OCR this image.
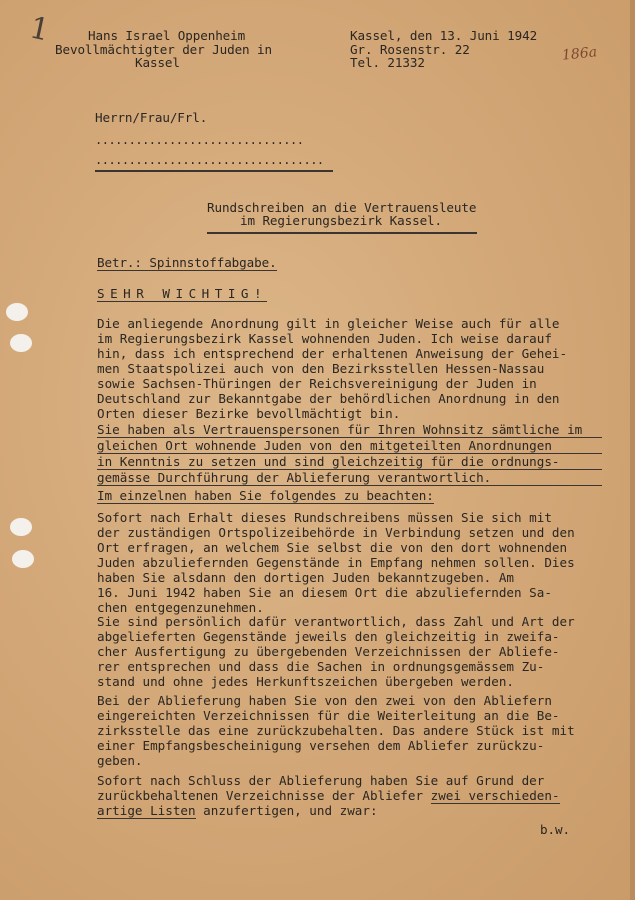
1
186a
Hans Israel Oppenheim
Bevollmächtigter der Juden in
Kassel
Kassel, den 13. Juni 1942
Gr. Rosenstr. 22
Tel. 21332
Herrn/Frau/Frl.
...............................
..................................
Rundschreiben an die Vertrauensleute
im Regierungsbezirk Kassel.
Betr.: Spinnstoffabgabe.
SEHR WICHTIG!
Die anliegende Anordnung gilt in gleicher Weise auch für alle
im Regierungsbezirk Kassel wohnenden Juden. Ich weise darauf
hin, dass ich entsprechend der erhaltenen Anweisung der Gehei-
men Staatspolizei auch von den Bezirksstellen Hessen-Nassau
sowie Sachsen-Thüringen der Reichsvereinigung der Juden in
Deutschland zur Bekanntgabe der behördlichen Anordnung in den
Orten dieser Bezirke bevollmächtigt bin.
Sie haben als Vertrauenspersonen für Ihren Wohnsitz sämtliche im
gleichen Ort wohnende Juden von den mitgeteilten Anordnungen
in Kenntnis zu setzen und sind gleichzeitig für die ordnungs-
gemässe Durchführung der Ablieferung verantwortlich.
Im einzelnen haben Sie folgendes zu beachten:
Sofort nach Erhalt dieses Rundschreibens müssen Sie sich mit
der zuständigen Ortspolizeibehörde in Verbindung setzen und den
Ort erfragen, an welchem Sie selbst die von den dort wohnenden
Juden abzuliefernden Gegenstände in Empfang nehmen sollen. Dies
haben Sie alsdann den dortigen Juden bekanntzugeben. Am
16. Juni 1942 haben Sie an diesem Ort die abzuliefernden Sa-
chen entgegenzunehmen.
Sie sind persönlich dafür verantwortlich, dass Zahl und Art der
abgelieferten Gegenstände jeweils den gleichzeitig in zweifa-
cher Ausfertigung zu übergebenden Verzeichnissen der Abliefe-
rer entsprechen und dass die Sachen in ordnungsgemässem Zu-
stand und ohne jedes Herkunftszeichen übergeben werden.
Bei der Ablieferung haben Sie von den zwei von den Abliefern
eingereichten Verzeichnissen für die Weiterleitung an die Be-
zirksstelle das eine zurückzubehalten. Das andere Stück ist mit
einer Empfangsbescheinigung versehen dem Abliefer zurückzu-
geben.
Sofort nach Schluss der Ablieferung haben Sie auf Grund der
zurückbehaltenen Verzeichnisse der Abliefer zwei verschieden-
artige Listen anzufertigen, und zwar:
b.w.
